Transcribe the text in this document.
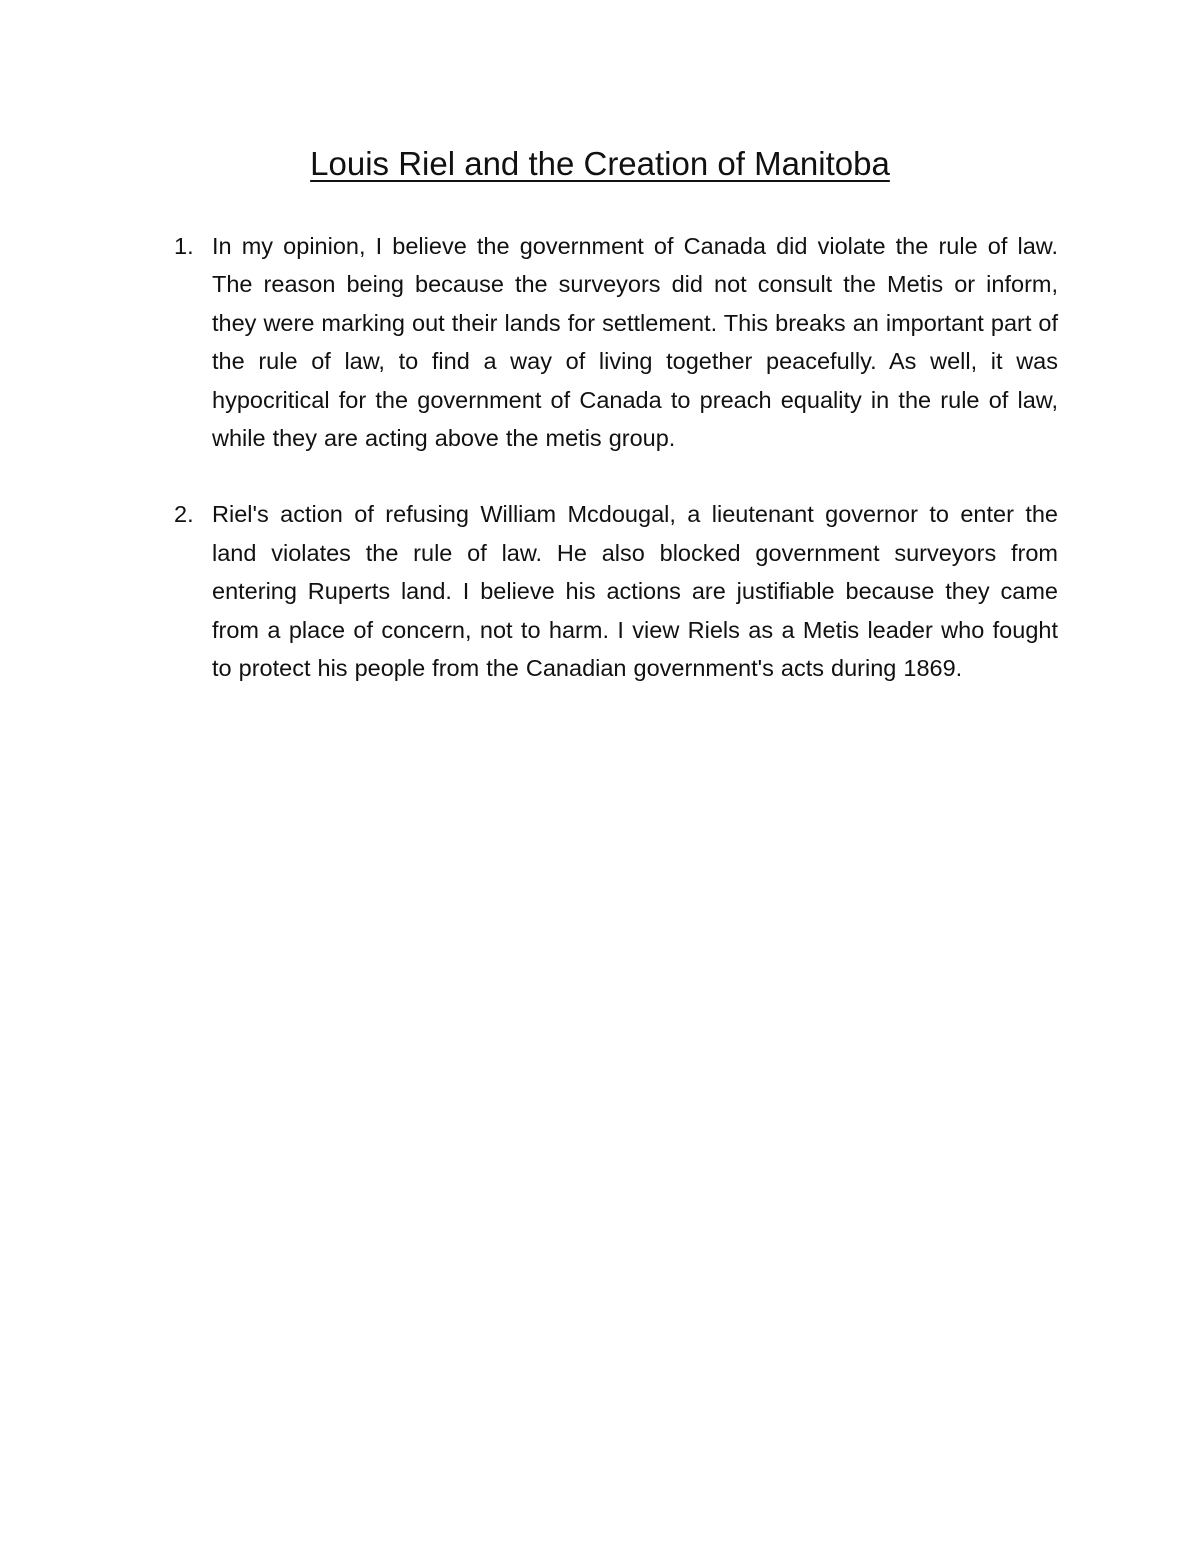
Louis Riel and the Creation of Manitoba
1. In my opinion, I believe the government of Canada did violate the rule of law. The reason being because the surveyors did not consult the Metis or inform, they were marking out their lands for settlement. This breaks an important part of the rule of law, to find a way of living together peacefully. As well, it was hypocritical for the government of Canada to preach equality in the rule of law, while they are acting above the metis group.
2. Riel's action of refusing William Mcdougal, a lieutenant governor to enter the land violates the rule of law. He also blocked government surveyors from entering Ruperts land. I believe his actions are justifiable because they came from a place of concern, not to harm. I view Riels as a Metis leader who fought to protect his people from the Canadian government's acts during 1869.
